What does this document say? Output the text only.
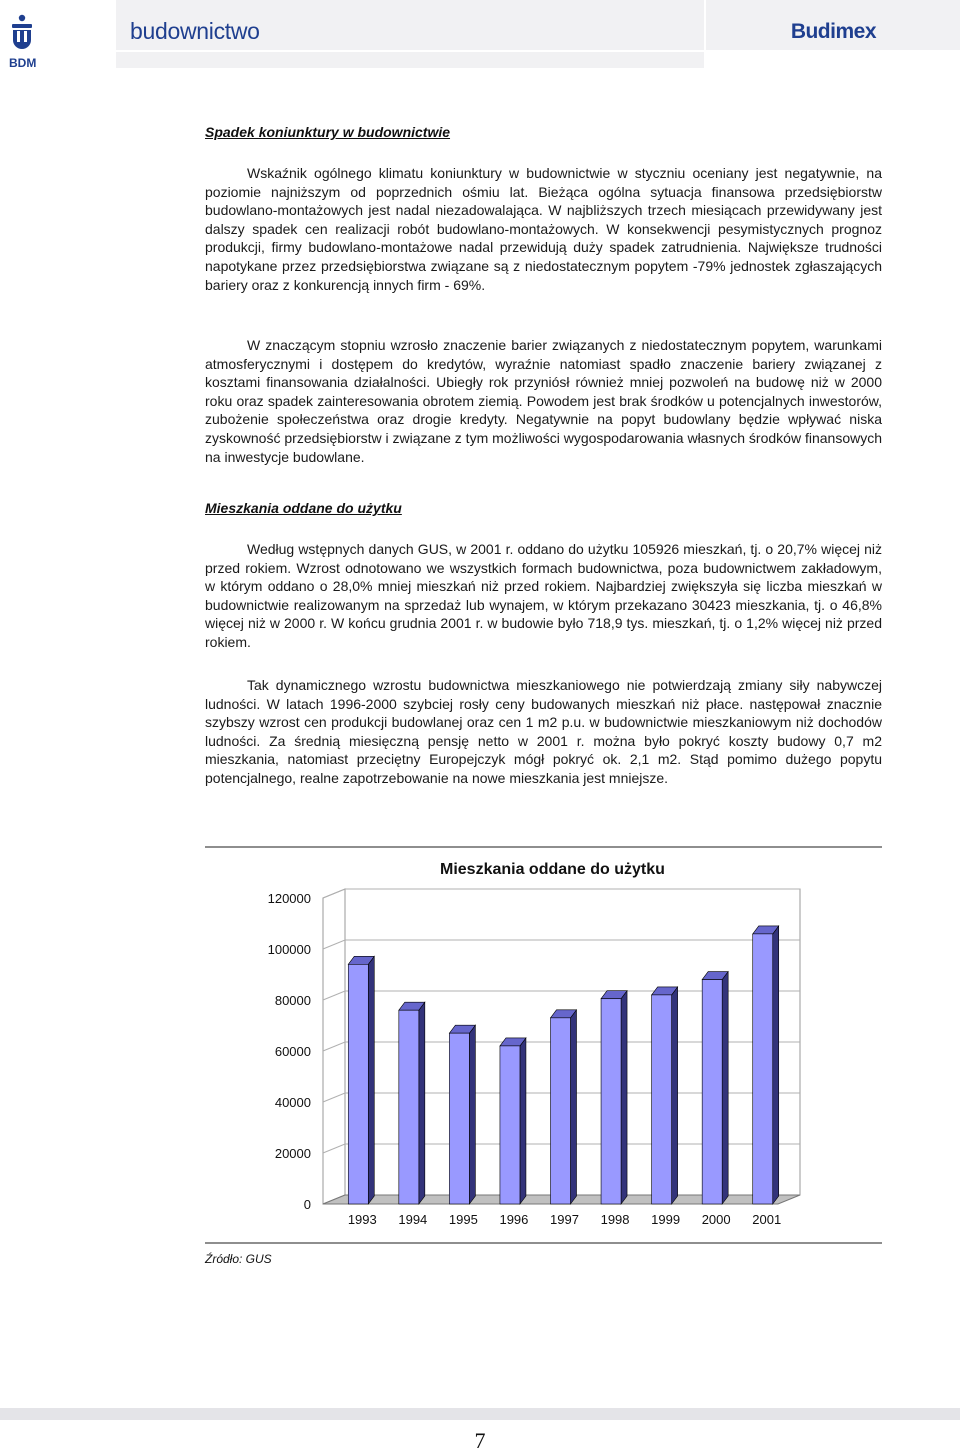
BDM
budownictwo	Budimex
Spadek koniunktury w budownictwie

Wskaźnik ogólnego klimatu koniunktury w budownictwie w styczniu oceniany jest negatywnie, na poziomie najniższym od poprzednich ośmiu lat. Bieżąca ogólna sytuacja finansowa przedsiębiorstw budowlano-montażowych jest nadal niezadowalająca. W najbliższych trzech miesiącach przewidywany jest dalszy spadek cen realizacji robót budowlano-montażowych. W konsekwencji pesymistycznych prognoz produkcji, firmy budowlano-montażowe nadal przewidują duży spadek zatrudnienia. Największe trudności napotykane przez przedsiębiorstwa związane są z niedostatecznym popytem -79% jednostek zgłaszających bariery oraz z konkurencją innych firm - 69%.

W znaczącym stopniu wzrosło znaczenie barier związanych z niedostatecznym popytem, warunkami atmosferycznymi i dostępem do kredytów, wyraźnie natomiast spadło znaczenie bariery związanej z kosztami finansowania działalności. Ubiegły rok przyniósł również mniej pozwoleń na budowę niż w 2000 roku oraz spadek zainteresowania obrotem ziemią. Powodem jest brak środków u potencjalnych inwestorów, zubożenie społeczeństwa oraz drogie kredyty. Negatywnie na popyt budowlany będzie wpływać niska zyskowność przedsiębiorstw i związane z tym możliwości wygospodarowania własnych środków finansowych na inwestycje budowlane.

Mieszkania oddane do użytku

Według wstępnych danych GUS, w 2001 r. oddano do użytku 105926 mieszkań, tj. o 20,7% więcej niż przed rokiem. Wzrost odnotowano we wszystkich formach budownictwa, poza budownictwem zakładowym, w którym oddano o 28,0% mniej mieszkań niż przed rokiem. Najbardziej zwiększyła się liczba mieszkań w budownictwie realizowanym na sprzedaż lub wynajem, w którym przekazano 30423 mieszkania, tj. o 46,8% więcej niż w 2000 r. W końcu grudnia 2001 r. w budowie było 718,9 tys. mieszkań, tj. o 1,2% więcej niż przed rokiem.

Tak dynamicznego wzrostu budownictwa mieszkaniowego nie potwierdzają zmiany siły nabywczej ludności. W latach 1996-2000 szybciej rosły ceny budowanych mieszkań niż płace. następował znacznie szybszy wzrost cen produkcji budowlanej oraz cen 1 m2 p.u. w budownictwie mieszkaniowym niż dochodów ludności. Za średnią miesięczną pensję netto w 2001 r. można było pokryć koszty budowy 0,7 m2 mieszkania, natomiast przeciętny Europejczyk mógł pokryć ok. 2,1 m2. Stąd pomimo dużego popytu potencjalnego, realne zapotrzebowanie na nowe mieszkania jest mniejsze.

Mieszkania oddane do użytku
0
20000
40000
60000
80000
100000
120000
1993 1994 1995 1996 1997 1998 1999 2000 2001
Źródło: GUS
7
